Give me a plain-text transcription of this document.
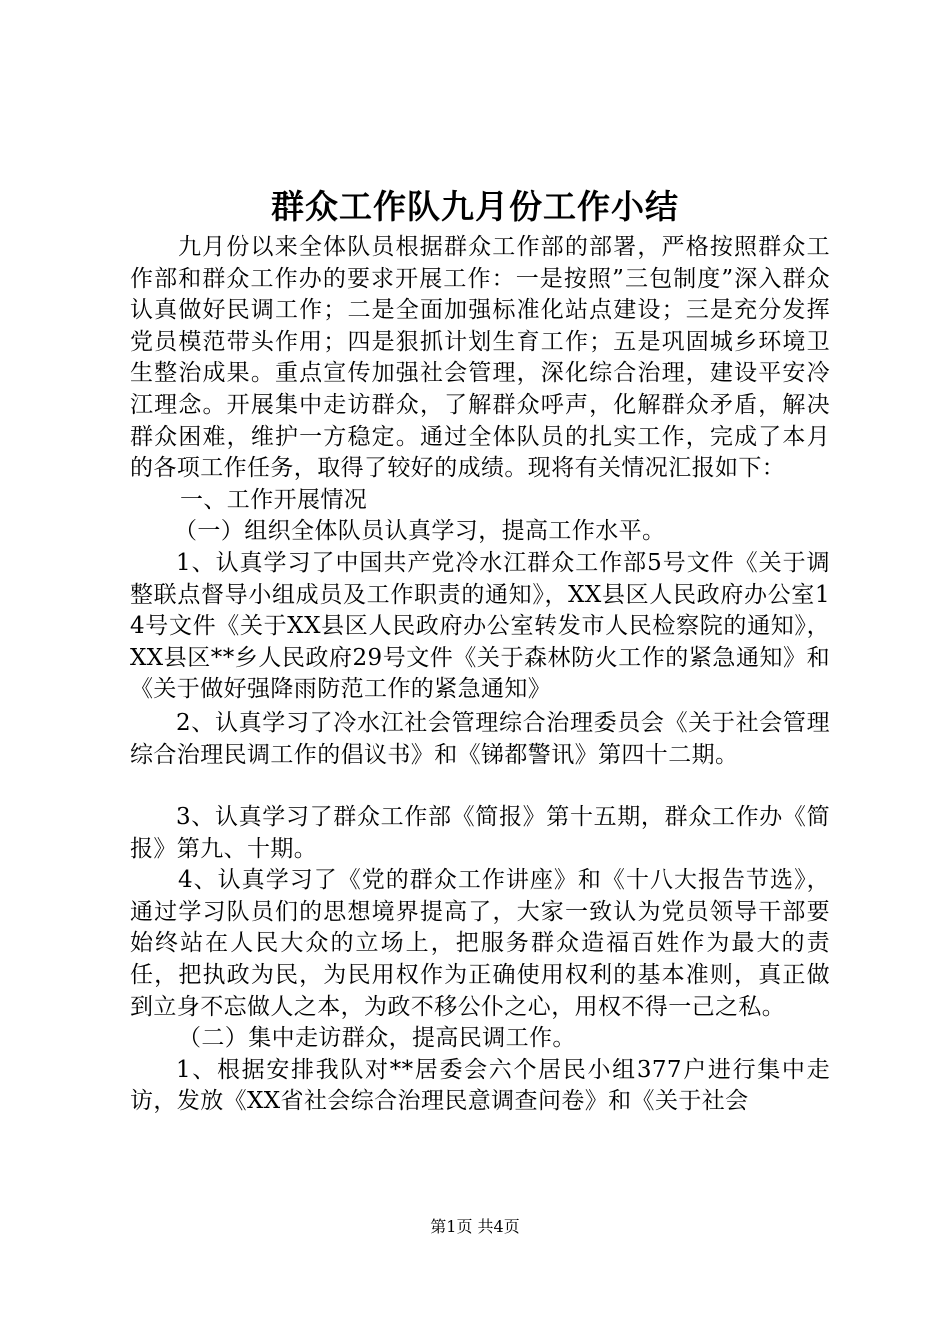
群众工作队九月份工作小结

九月份以来全体队员根据群众工作部的部署，严格按照群众工作部和群众工作办的要求开展工作：一是按照”三包制度”深入群众认真做好民调工作；二是全面加强标准化站点建设；三是充分发挥党员模范带头作用；四是狠抓计划生育工作；五是巩固城乡环境卫生整治成果。重点宣传加强社会管理，深化综合治理，建设平安冷江理念。开展集中走访群众，了解群众呼声，化解群众矛盾，解决群众困难，维护一方稳定。通过全体队员的扎实工作，完成了本月的各项工作任务，取得了较好的成绩。现将有关情况汇报如下：

一、工作开展情况

（一）组织全体队员认真学习，提高工作水平。

1、认真学习了中国共产党冷水江群众工作部5号文件《关于调整联点督导小组成员及工作职责的通知》，XX县区人民政府办公室14号文件《关于XX县区人民政府办公室转发市人民检察院的通知》，XX县区**乡人民政府29号文件《关于森林防火工作的紧急通知》和《关于做好强降雨防范工作的紧急通知》

2、认真学习了冷水江社会管理综合治理委员会《关于社会管理综合治理民调工作的倡议书》和《锑都警讯》第四十二期。

3、认真学习了群众工作部《简报》第十五期，群众工作办《简报》第九、十期。

4、认真学习了《党的群众工作讲座》和《十八大报告节选》，通过学习队员们的思想境界提高了，大家一致认为党员领导干部要始终站在人民大众的立场上，把服务群众造福百姓作为最大的责任，把执政为民，为民用权作为正确使用权利的基本准则，真正做到立身不忘做人之本，为政不移公仆之心，用权不得一己之私。

（二）集中走访群众，提高民调工作。

1、根据安排我队对**居委会六个居民小组377户进行集中走访，发放《XX省社会综合治理民意调查问卷》和《关于社会

第1页 共4页
